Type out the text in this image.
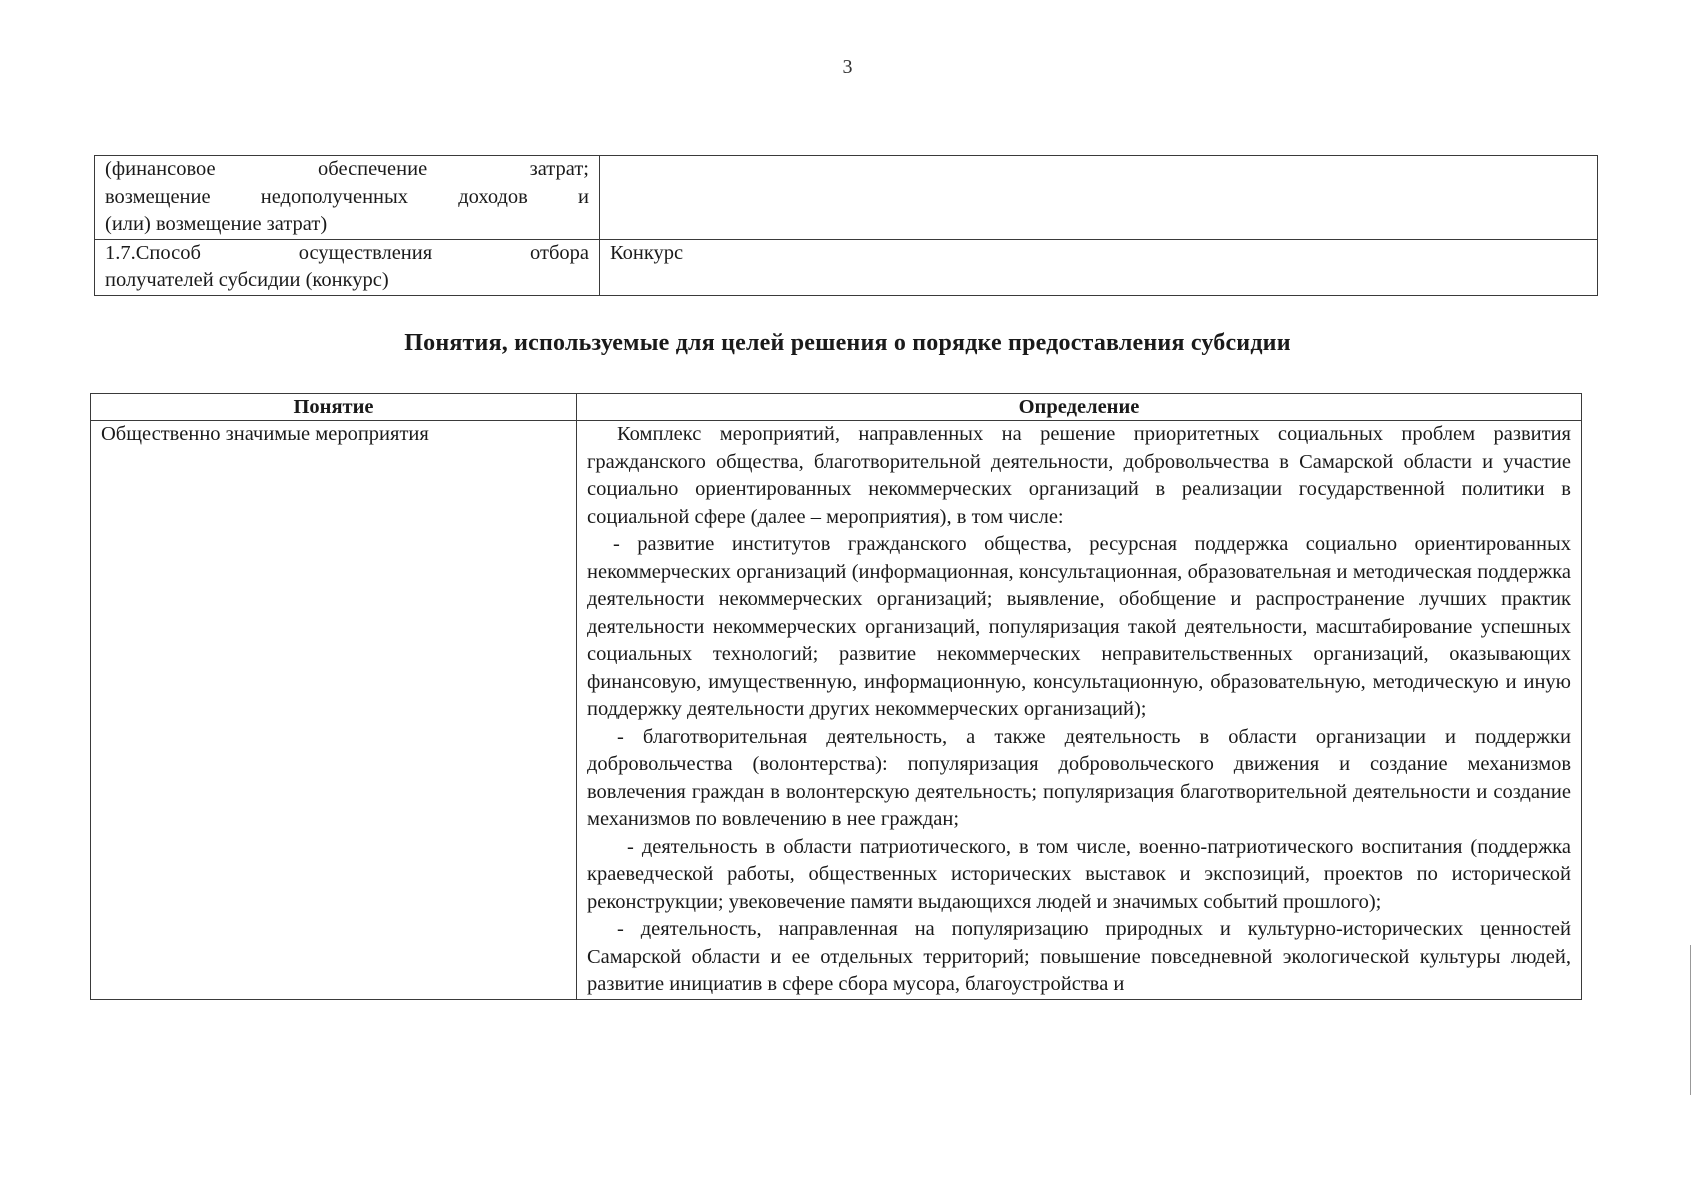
3
(финансовое обеспечение затрат;
возмещение недополученных доходов и
(или) возмещение затрат)	

1.7.Способ осуществления отбора
получателей субсидии (конкурс)	Конкурс
Понятия, используемые для целей решения о порядке предоставления субсидии
Понятие	Определение
Общественно значимые мероприятия	Комплекс мероприятий, направленных на решение приоритетных социальных проблем развития гражданского общества, благотворительной деятельности, добровольчества в Самарской области и участие социально ориентированных некоммерческих организаций в реализации государственной политики в социальной сфере (далее – мероприятия), в том числе:

- развитие институтов гражданского общества, ресурсная поддержка социально ориентированных некоммерческих организаций (информационная, консультационная, образовательная и методическая поддержка деятельности некоммерческих организаций; выявление, обобщение и распространение лучших практик деятельности некоммерческих организаций, популяризация такой деятельности, масштабирование успешных социальных технологий; развитие некоммерческих неправительственных организаций, оказывающих финансовую, имущественную, информационную, консультационную, образовательную, методическую и иную поддержку деятельности других некоммерческих организаций);

- благотворительная деятельность, а также деятельность в области организации и поддержки добровольчества (волонтерства): популяризация добровольческого движения и создание механизмов вовлечения граждан в волонтерскую деятельность; популяризация благотворительной деятельности и создание механизмов по вовлечению в нее граждан;

- деятельность в области патриотического, в том числе, военно-патриотического воспитания (поддержка краеведческой работы, общественных исторических выставок и экспозиций, проектов по исторической реконструкции; увековечение памяти выдающихся людей и значимых событий прошлого);

- деятельность, направленная на популяризацию природных и культурно-исторических ценностей Самарской области и ее отдельных территорий; повышение повседневной экологической культуры людей, развитие инициатив в сфере сбора мусора, благоустройства и
